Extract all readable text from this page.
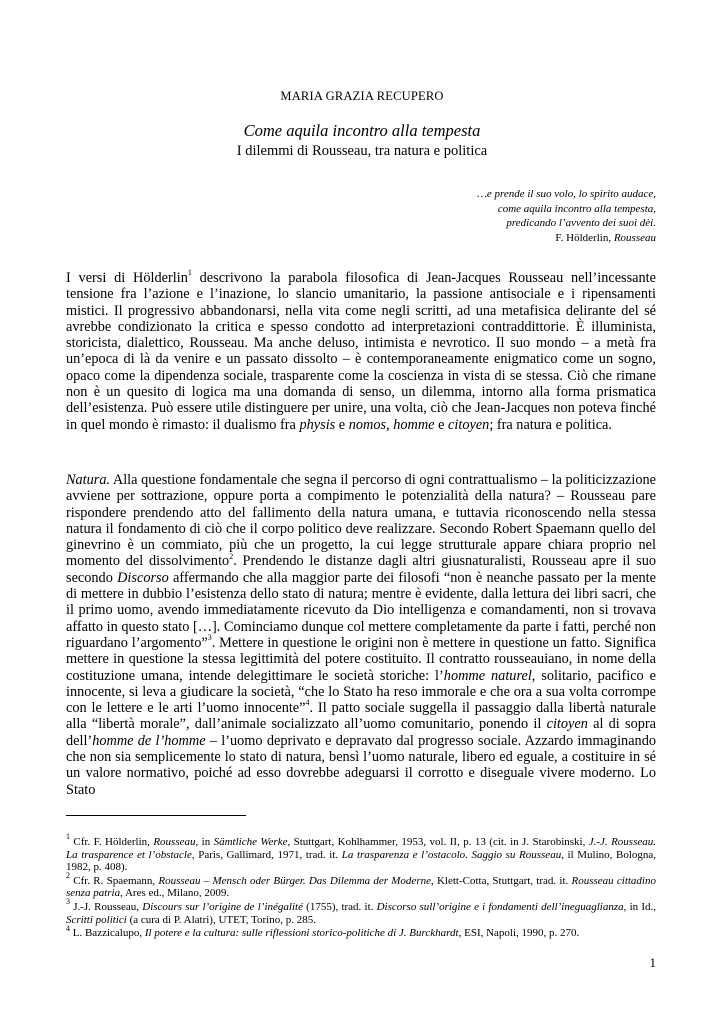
MARIA GRAZIA RECUPERO
Come aquila incontro alla tempesta
I dilemmi di Rousseau, tra natura e politica
…e prende il suo volo, lo spirito audace,
come aquila incontro alla tempesta,
predicando l’avvento dei suoi dèi.
F. Hölderlin, Rousseau

I versi di Hölderlin$^1$ descrivono la parabola filosofica di Jean-Jacques Rousseau nell’incessante tensione fra l’azione e l’inazione, lo slancio umanitario, la passione antisociale e i ripensamenti mistici. Il progressivo abbandonarsi, nella vita come negli scritti, ad una metafisica delirante del sé avrebbe condizionato la critica e spesso condotto ad interpretazioni contraddittorie. È illuminista, storicista, dialettico, Rousseau. Ma anche deluso, intimista e nevrotico. Il suo mondo – a metà fra un’epoca di là da venire e un passato dissolto – è contemporaneamente enigmatico come un sogno, opaco come la dipendenza sociale, trasparente come la coscienza in vista di se stessa. Ciò che rimane non è un quesito di logica ma una domanda di senso, un dilemma, intorno alla forma prismatica dell’esistenza. Può essere utile distinguere per unire, una volta, ciò che Jean-Jacques non poteva finché in quel mondo è rimasto: il dualismo fra physis e nomos, homme e citoyen; fra natura e politica.

Natura. Alla questione fondamentale che segna il percorso di ogni contrattualismo – la politicizzazione avviene per sottrazione, oppure porta a compimento le potenzialità della natura? – Rousseau pare rispondere prendendo atto del fallimento della natura umana, e tuttavia riconoscendo nella stessa natura il fondamento di ciò che il corpo politico deve realizzare. Secondo Robert Spaemann quello del ginevrino è un commiato, più che un progetto, la cui legge strutturale appare chiara proprio nel momento del dissolvimento$^2$. Prendendo le distanze dagli altri giusnaturalisti, Rousseau apre il suo secondo Discorso affermando che alla maggior parte dei filosofi “non è neanche passato per la mente di mettere in dubbio l’esistenza dello stato di natura; mentre è evidente, dalla lettura dei libri sacri, che il primo uomo, avendo immediatamente ricevuto da Dio intelligenza e comandamenti, non si trovava affatto in questo stato […]. Cominciamo dunque col mettere completamente da parte i fatti, perché non riguardano l’argomento”$^3$. Mettere in questione le origini non è mettere in questione un fatto. Significa mettere in questione la stessa legittimità del potere costituito. Il contratto rousseauiano, in nome della costituzione umana, intende delegittimare le società storiche: l’homme naturel, solitario, pacifico e innocente, si leva a giudicare la società, “che lo Stato ha reso immorale e che ora a sua volta corrompe con le lettere e le arti l’uomo innocente”$^4$. Il patto sociale suggella il passaggio dalla libertà naturale alla “libertà morale”, dall’animale socializzato all’uomo comunitario, ponendo il citoyen al di sopra dell’homme de l’homme – l’uomo deprivato e depravato dal progresso sociale. Azzardo immaginando che non sia semplicemente lo stato di natura, bensì l’uomo naturale, libero ed eguale, a costituire in sé un valore normativo, poiché ad esso dovrebbe adeguarsi il corrotto e diseguale vivere moderno. Lo Stato

$^1$ Cfr. F. Hölderlin, Rousseau, in Sämtliche Werke, Stuttgart, Kohlhammer, 1953, vol. II, p. 13 (cit. in J. Starobinski, J.-J. Rousseau. La trasparence et l’obstacle, Paris, Gallimard, 1971, trad. it. La trasparenza e l’ostacolo. Saggio su Rousseau, il Mulino, Bologna, 1982, p. 408).

$^2$ Cfr. R. Spaemann, Rousseau – Mensch oder Bürger. Das Dilemma der Moderne, Klett-Cotta, Stuttgart, trad. it. Rousseau cittadino senza patria, Ares ed., Milano, 2009.

$^3$ J.-J. Rousseau, Discours sur l’origine de l’inégalité (1755), trad. it. Discorso sull’origine e i fondamenti dell’ineguaglianza, in Id., Scritti politici (a cura di P. Alatri), UTET, Torino, p. 285.

$^4$ L. Bazzicalupo, Il potere e la cultura: sulle riflessioni storico-politiche di J. Burckhardt, ESI, Napoli, 1990, p. 270.

1
